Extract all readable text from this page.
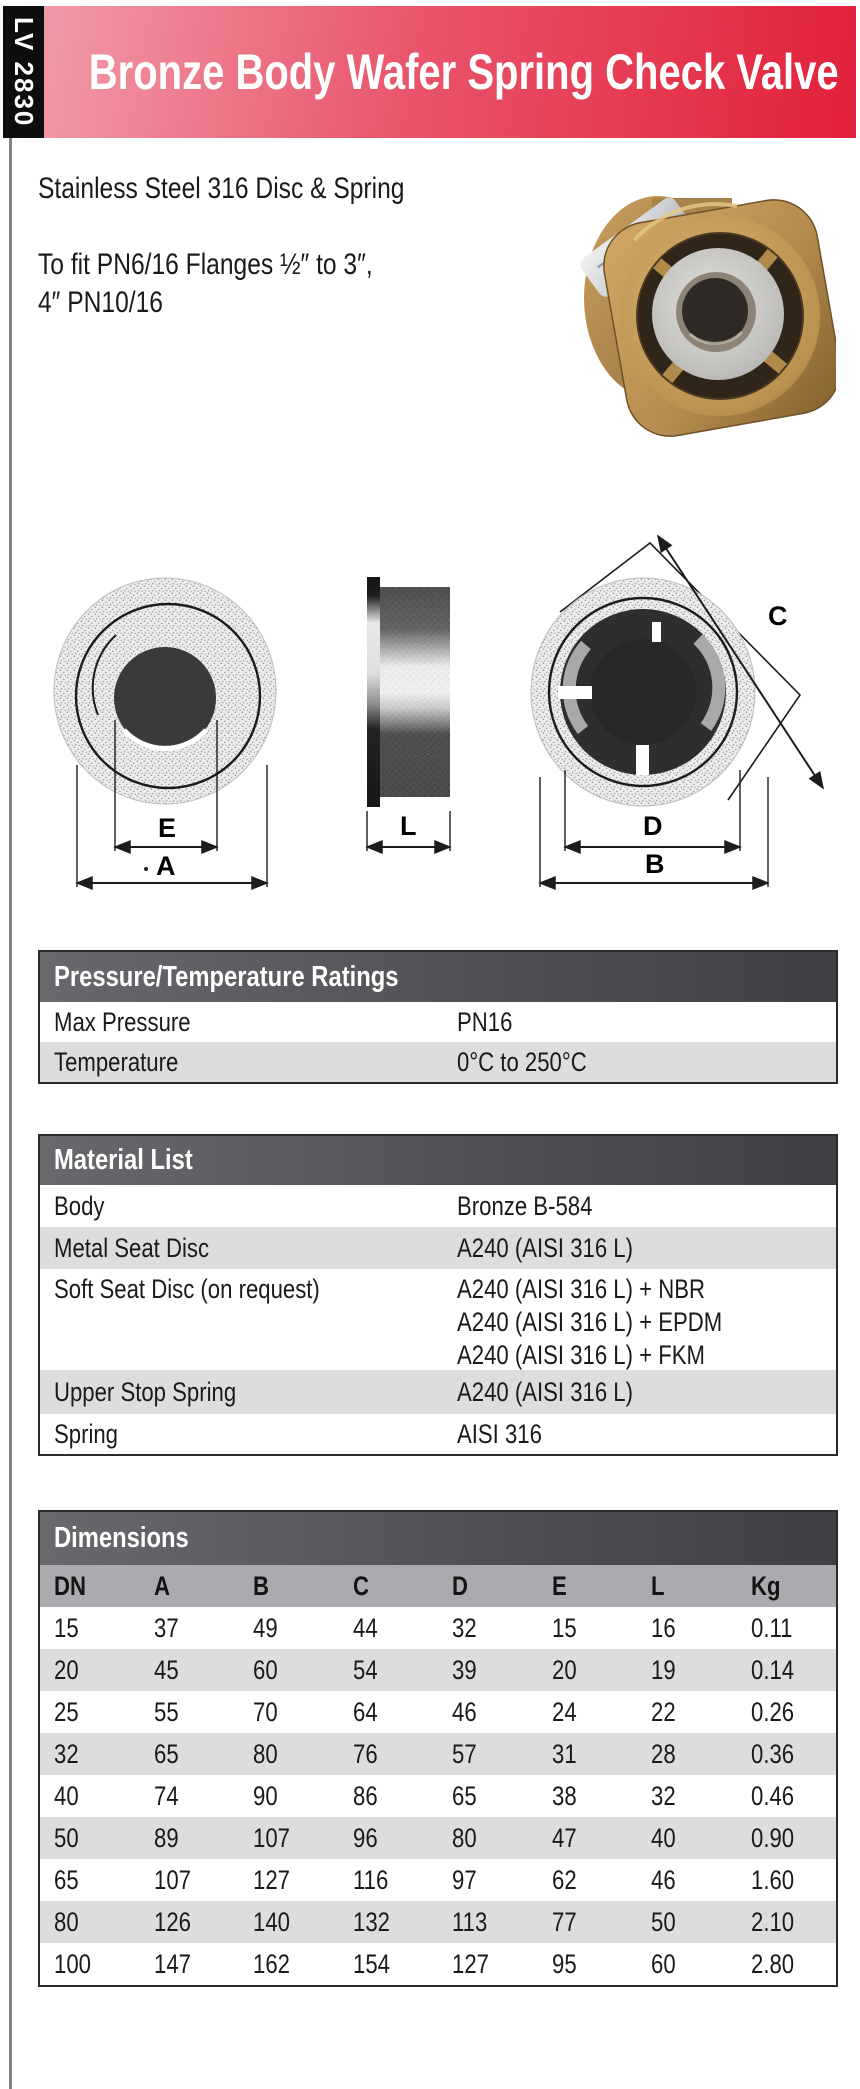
LV 2830 Bronze Body Wafer Spring Check Valve
Stainless Steel 316 Disc & Spring
To fit PN6/16 Flanges ½″ to 3″,
4″ PN10/16
E
A
L
C
D
B
Pressure/Temperature Ratings
Max Pressure	PN16
Temperature	0°C to 250°C
Material List
Body	Bronze B-584
Metal Seat Disc	A240 (AISI 316 L)
Soft Seat Disc (on request)	A240 (AISI 316 L) + NBR
A240 (AISI 316 L) + EPDM
A240 (AISI 316 L) + FKM
Upper Stop Spring	A240 (AISI 316 L)
Spring	AISI 316
Dimensions
DN	A	B	C	D	E	L	Kg
15	37	49	44	32	15	16	0.11
20	45	60	54	39	20	19	0.14
25	55	70	64	46	24	22	0.26
32	65	80	76	57	31	28	0.36
40	74	90	86	65	38	32	0.46
50	89	107	96	80	47	40	0.90
65	107	127	116	97	62	46	1.60
80	126	140	132	113	77	50	2.10
100	147	162	154	127	95	60	2.80
